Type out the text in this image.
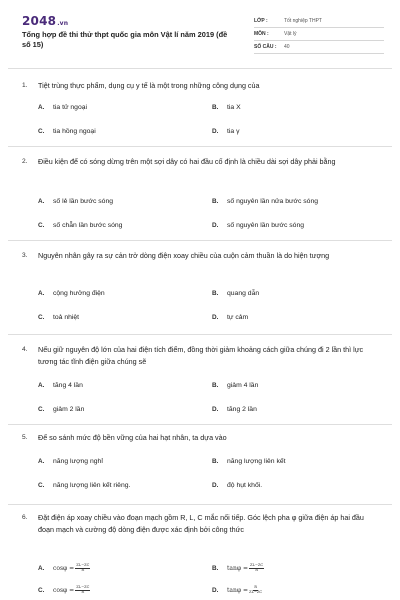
2048.vn
Tổng hợp đề thi thử thpt quốc gia môn Vật lí năm 2019 (đề số 15)
LỚP :	Tốt nghiệp THPT
MÔN :	Vật lý
SỐ CÂU :	40
1. Tiệt trùng thực phẩm, dụng cụ y tế là một trong những công dụng của
A. tia tử ngoại	B. tia X
C. tia hồng ngoại	D. tia γ
2. Điều kiện để có sóng dừng trên một sợi dây có hai đầu cố định là chiều dài sợi dây phải bằng
A. số lẻ lần bước sóng	B. số nguyên lần nửa bước sóng
C. số chẵn lần bước sóng	D. số nguyên lần bước sóng
3. Nguyên nhân gây ra sự cản trở dòng điện xoay chiều của cuộn cảm thuần là do hiện tượng
A. cộng hưởng điện	B. quang dẫn
C. toả nhiệt	D. tự cảm
4. Nếu giữ nguyên độ lớn của hai điện tích điểm, đồng thời giảm khoảng cách giữa chúng đi 2 lần thì lực tương tác tĩnh điện giữa chúng sẽ
A. tăng 4 lần	B. giảm 4 lần
C. giảm 2 lần	D. tăng 2 lần
5. Để so sánh mức độ bền vững của hai hạt nhân, ta dựa vào
A. năng lượng nghỉ	B. năng lượng liên kết
C. năng lượng liên kết riêng.	D. độ hụt khối.
6. Đặt điện áp xoay chiều vào đoạn mạch gồm R, L, C mắc nối tiếp. Góc lệch pha φ giữa điện áp hai đầu đoạn mạch và cường độ dòng điện được xác định bởi công thức
A. $\cos\varphi = \frac{ZL-ZC}{R}$	B. $\tan\varphi = \frac{ZL-ZC}{R}$
C. $\cos\varphi = \frac{ZL-ZC}{R}$	D. $\tan\varphi = \frac{R}{ZL-ZC}$
